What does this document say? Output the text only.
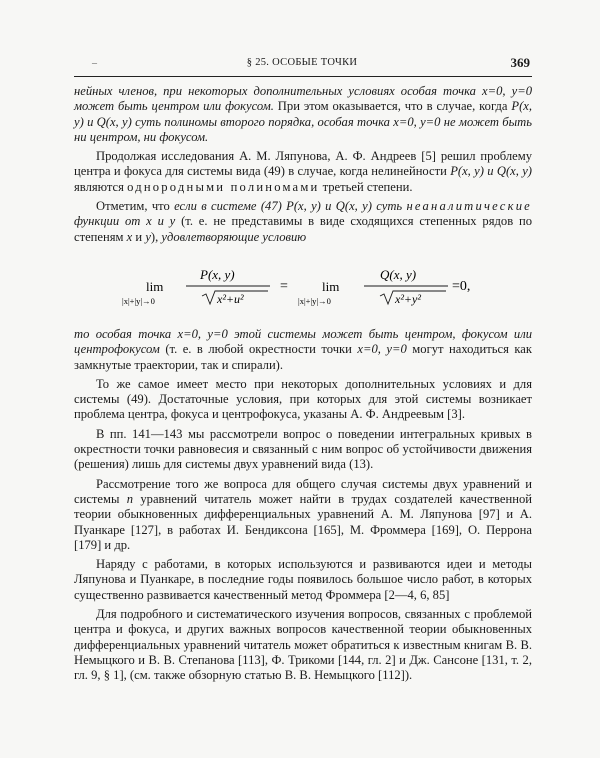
–	§ 25. ОСОБЫЕ ТОЧКИ	369

нейных членов, при некоторых дополнительных условиях особая точка x=0, y=0 может быть центром или фокусом. При этом оказывается, что в случае, когда P(x, y) и Q(x, y) суть полиномы второго порядка, особая точка x=0, y=0 не может быть ни центром, ни фокусом.

Продолжая исследования А. М. Ляпунова, А. Ф. Андреев [5] решил проблему центра и фокуса для системы вида (49) в случае, когда нелинейности P(x, y) и Q(x, y) являются однородными полиномами третьей степени.

Отметим, что если в системе (47) P(x, y) и Q(x, y) суть неаналитические функции от x и y (т. е. не представимы в виде сходящихся степенных рядов по степеням x и y), удовлетворяющие условию

lim
|x|+|y|→0
P(x, y)
x²+u²
=	lim
|x|+|y|→0
Q(x, y)
x²+y²
=0,

то особая точка x=0, y=0 этой системы может быть центром, фокусом или центрофокусом (т. е. в любой окрестности точки x=0, y=0 могут находиться как замкнутые траектории, так и спирали).

То же самое имеет место при некоторых дополнительных условиях и для системы (49). Достаточные условия, при которых для этой системы возникает проблема центра, фокуса и центрофокуса, указаны А. Ф. Андреевым [3].

В пп. 141—143 мы рассмотрели вопрос о поведении интегральных кривых в окрестности точки равновесия и связанный с ним вопрос об устойчивости движения (решения) лишь для системы двух уравнений вида (13).

Рассмотрение того же вопроса для общего случая системы двух уравнений и системы n уравнений читатель может найти в трудах создателей качественной теории обыкновенных дифференциальных уравнений А. М. Ляпунова [97] и А. Пуанкаре [127], в работах И. Бендиксона [165], М. Фроммера [169], О. Перрона [179] и др.

Наряду с работами, в которых используются и развиваются идеи и методы Ляпунова и Пуанкаре, в последние годы появилось большое число работ, в которых существенно развивается качественный метод Фроммера [2—4, 6, 85]

Для подробного и систематического изучения вопросов, связанных с проблемой центра и фокуса, и других важных вопросов качественной теории обыкновенных дифференциальных уравнений читатель может обратиться к известным книгам В. В. Немыцкого и В. В. Степанова [113], Ф. Трикоми [144, гл. 2] и Дж. Сансоне [131, т. 2, гл. 9, § 1], (см. также обзорную статью В. В. Немыцкого [112]).
